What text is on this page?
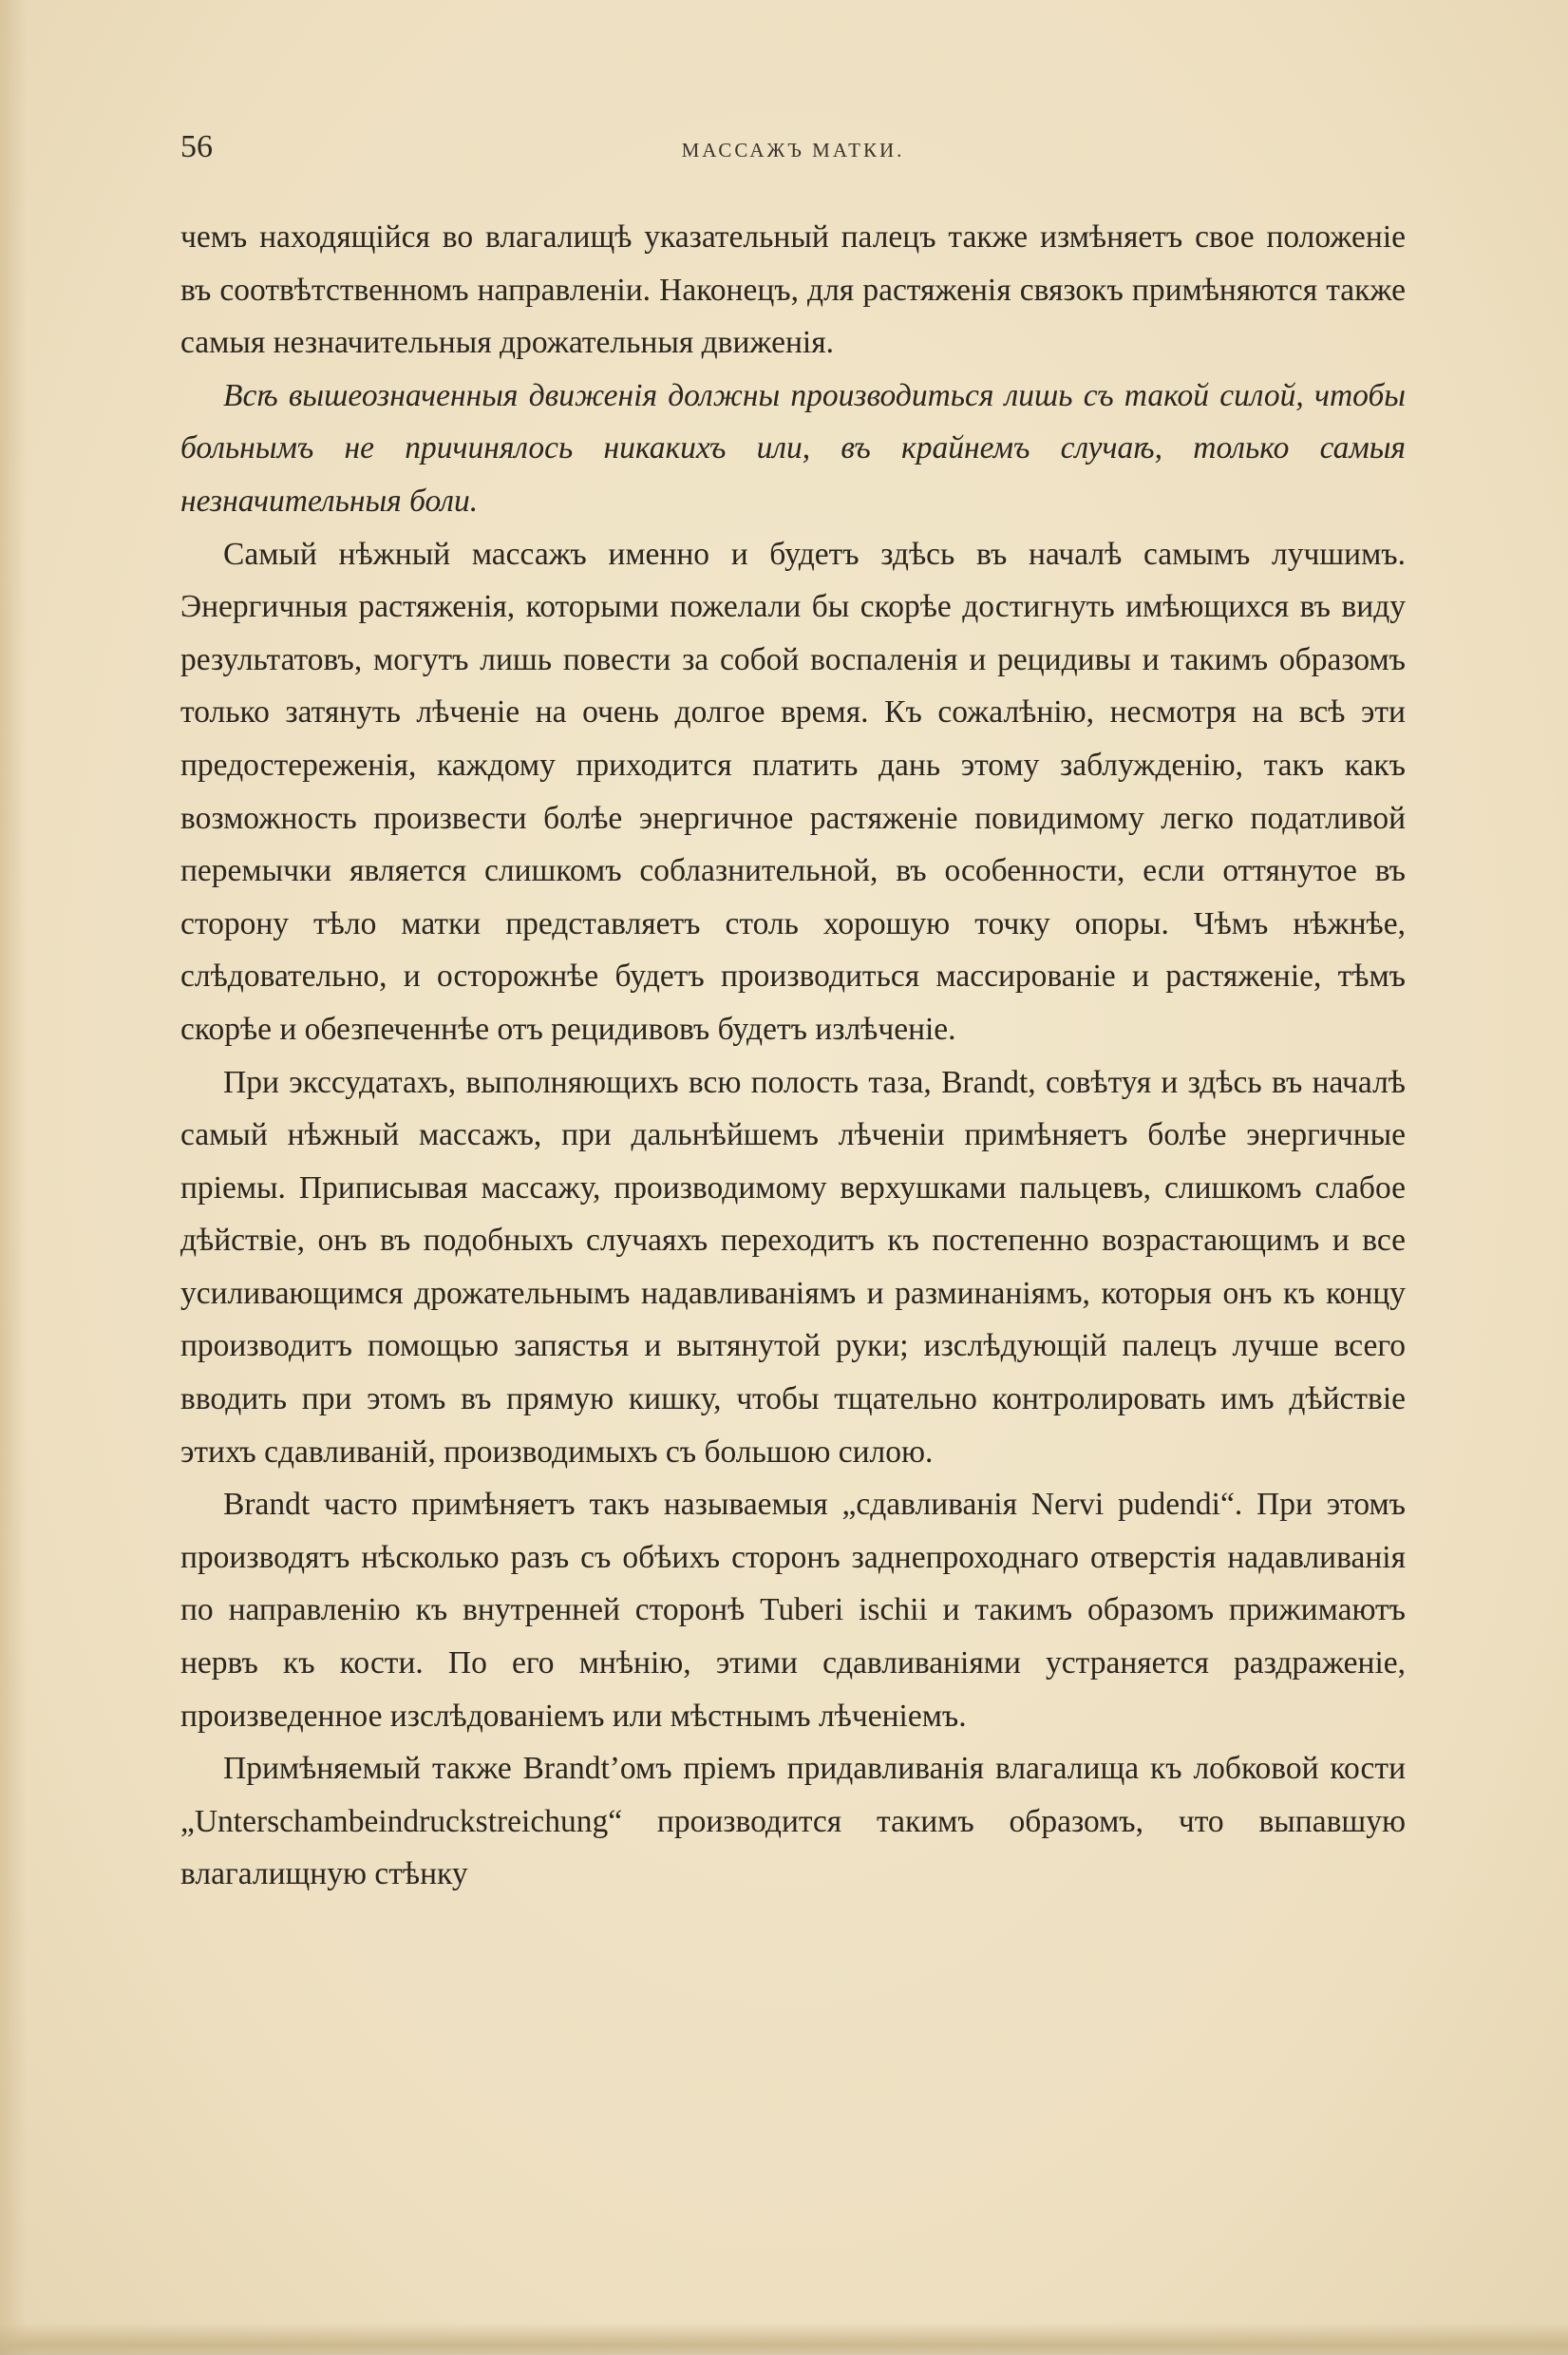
56	МАССАЖЪ МАТКИ.

чемъ находящiйся во влагалищѣ указательный палецъ также измѣняетъ свое положенiе въ соотвѣтственномъ направленiи. Наконецъ, для растяженiя связокъ примѣняются также самыя незначительныя дрожательныя движенiя.

Всѣ вышеозначенныя движенiя должны производиться лишь съ такой силой, чтобы больнымъ не причинялось никакихъ или, въ крайнемъ случаѣ, только самыя незначительныя боли.

Самый нѣжный массажъ именно и будетъ здѣсь въ началѣ самымъ лучшимъ. Энергичныя растяженiя, которыми пожелали бы скорѣе достигнуть имѣющихся въ виду результатовъ, могутъ лишь повести за собой воспаленiя и рецидивы и такимъ образомъ только затянуть лѣченiе на очень долгое время. Къ сожалѣнiю, несмотря на всѣ эти предостереженiя, каждому приходится платить дань этому заблужденiю, такъ какъ возможность произвести болѣе энергичное растяженiе повидимому легко податливой перемычки является слишкомъ соблазнительной, въ особенности, если оттянутое въ сторону тѣло матки представляетъ столь хорошую точку опоры. Чѣмъ нѣжнѣе, слѣдовательно, и осторожнѣе будетъ производиться массированiе и растяженiе, тѣмъ скорѣе и обезпеченнѣе отъ рецидивовъ будетъ излѣченiе.

При экссудатахъ, выполняющихъ всю полость таза, Brandt, совѣтуя и здѣсь въ началѣ самый нѣжный массажъ, при дальнѣйшемъ лѣченiи примѣняетъ болѣе энергичные прiемы. Приписывая массажу, производимому верхушками пальцевъ, слишкомъ слабое дѣйствiе, онъ въ подобныхъ случаяхъ переходитъ къ постепенно возрастающимъ и все усиливающимся дрожательнымъ надавливанiямъ и разминанiямъ, которыя онъ къ концу производитъ помощью запястья и вытянутой руки; изслѣдующiй палецъ лучше всего вводить при этомъ въ прямую кишку, чтобы тщательно контролировать имъ дѣйствiе этихъ сдавливанiй, производимыхъ съ большою силою.

Brandt часто примѣняетъ такъ называемыя „сдавливанiя Nervi pudendi“. При этомъ производятъ нѣсколько разъ съ обѣихъ сторонъ заднепроходнаго отверстiя надавливанiя по направленiю къ внутренней сторонѣ Tuberi ischii и такимъ образомъ прижимаютъ нервъ къ кости. По его мнѣнiю, этими сдавливанiями устраняется раздраженiе, произведенное изслѣдованiемъ или мѣстнымъ лѣченiемъ.

Примѣняемый также Brandt’омъ прiемъ придавливанiя влагалища къ лобковой кости „Unterschambeindruckstreichung“ производится такимъ образомъ, что выпавшую влагалищную стѣнку
